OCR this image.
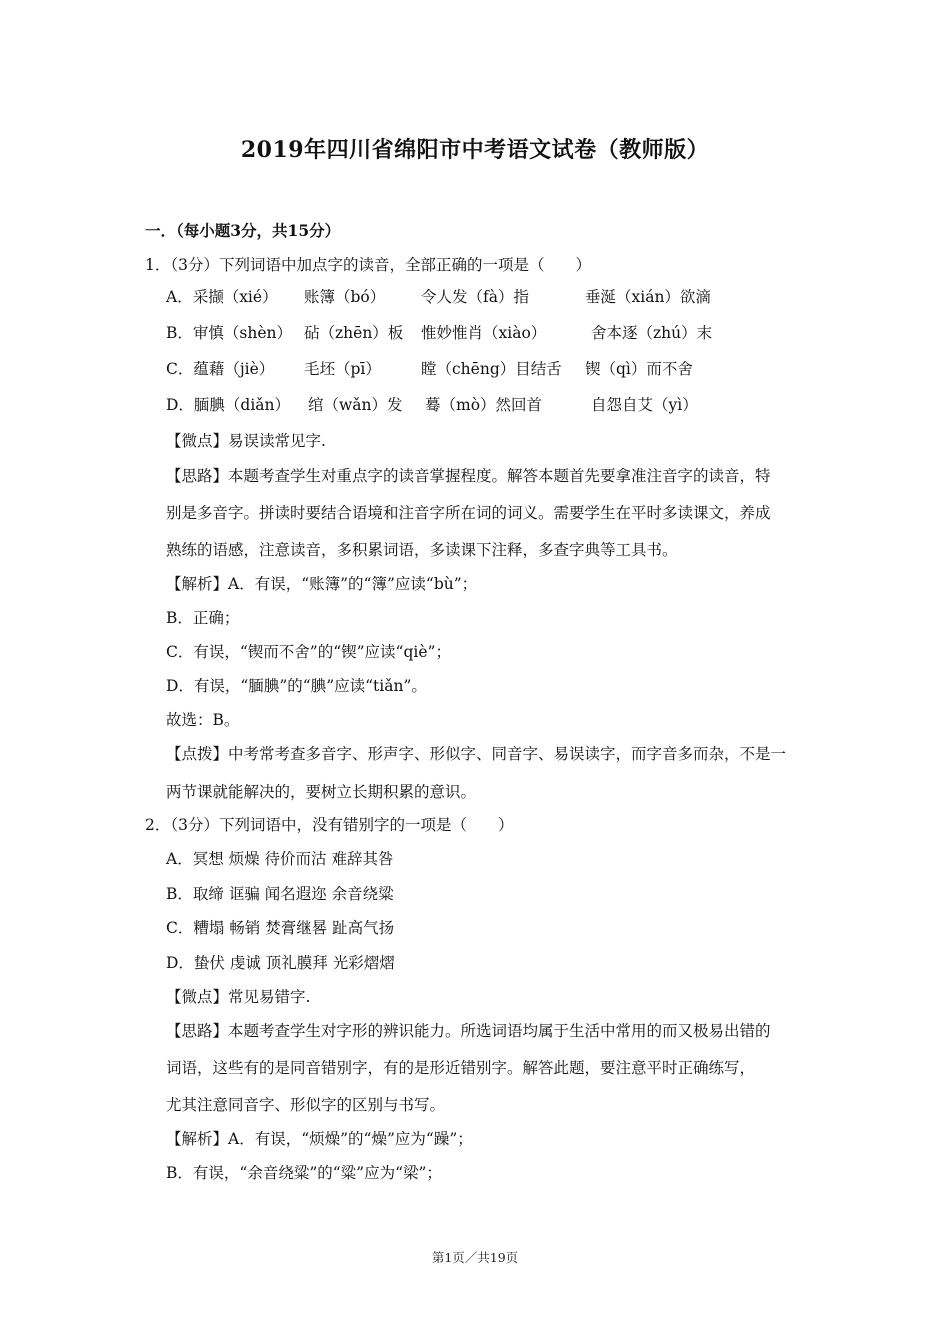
2019年四川省绵阳市中考语文试卷（教师版）
一．（每小题3分，共15分）
1．（3分）下列词语中加点字的读音，全部正确的一项是（　　）
A．采撷（xié） 账簿（bó） 令人发（fà）指	垂涎（xián）欲滴
B．审慎（shèn） 砧（zhēn）板 惟妙惟肖（xiào）	舍本逐（zhú）末
C．蕴藉（jiè） 毛坯（pī）	瞠（chēng）目结舌 锲（qì）而不舍
D．腼腆（diǎn） 绾（wǎn）发 蓦（mò）然回首	自怨自艾（yì）
【微点】易误读常见字.
【思路】本题考查学生对重点字的读音掌握程度。解答本题首先要拿准注音字的读音，特
别是多音字。拼读时要结合语境和注音字所在词的词义。需要学生在平时多读课文，养成
熟练的语感，注意读音，多积累词语，多读课下注释，多查字典等工具书。
【解析】A．有误，“账簿”的“簿”应读“bù”；
B．正确；
C．有误，“锲而不舍”的“锲”应读“qiè”；
D．有误，“腼腆”的“腆”应读“tiǎn”。
故选：B。
【点拨】中考常考查多音字、形声字、形似字、同音字、易误读字，而字音多而杂，不是一
两节课就能解决的，要树立长期积累的意识。
2．（3分）下列词语中，没有错别字的一项是（　　）
A．冥想 烦燥 待价而沽 难辞其咎
B．取缔 诓骗 闻名遐迩 余音绕粱
C．糟塌 畅销 焚膏继晷 趾高气扬
D．蛰伏 虔诚 顶礼膜拜 光彩熠熠
【微点】常见易错字.
【思路】本题考查学生对字形的辨识能力。所选词语均属于生活中常用的而又极易出错的
词语，这些有的是同音错别字，有的是形近错别字。解答此题，要注意平时正确练写，
尤其注意同音字、形似字的区别与书写。
【解析】A．有误，“烦燥”的“燥”应为“躁”；
B．有误，“余音绕粱”的“粱”应为“梁”；
第1页／共19页
